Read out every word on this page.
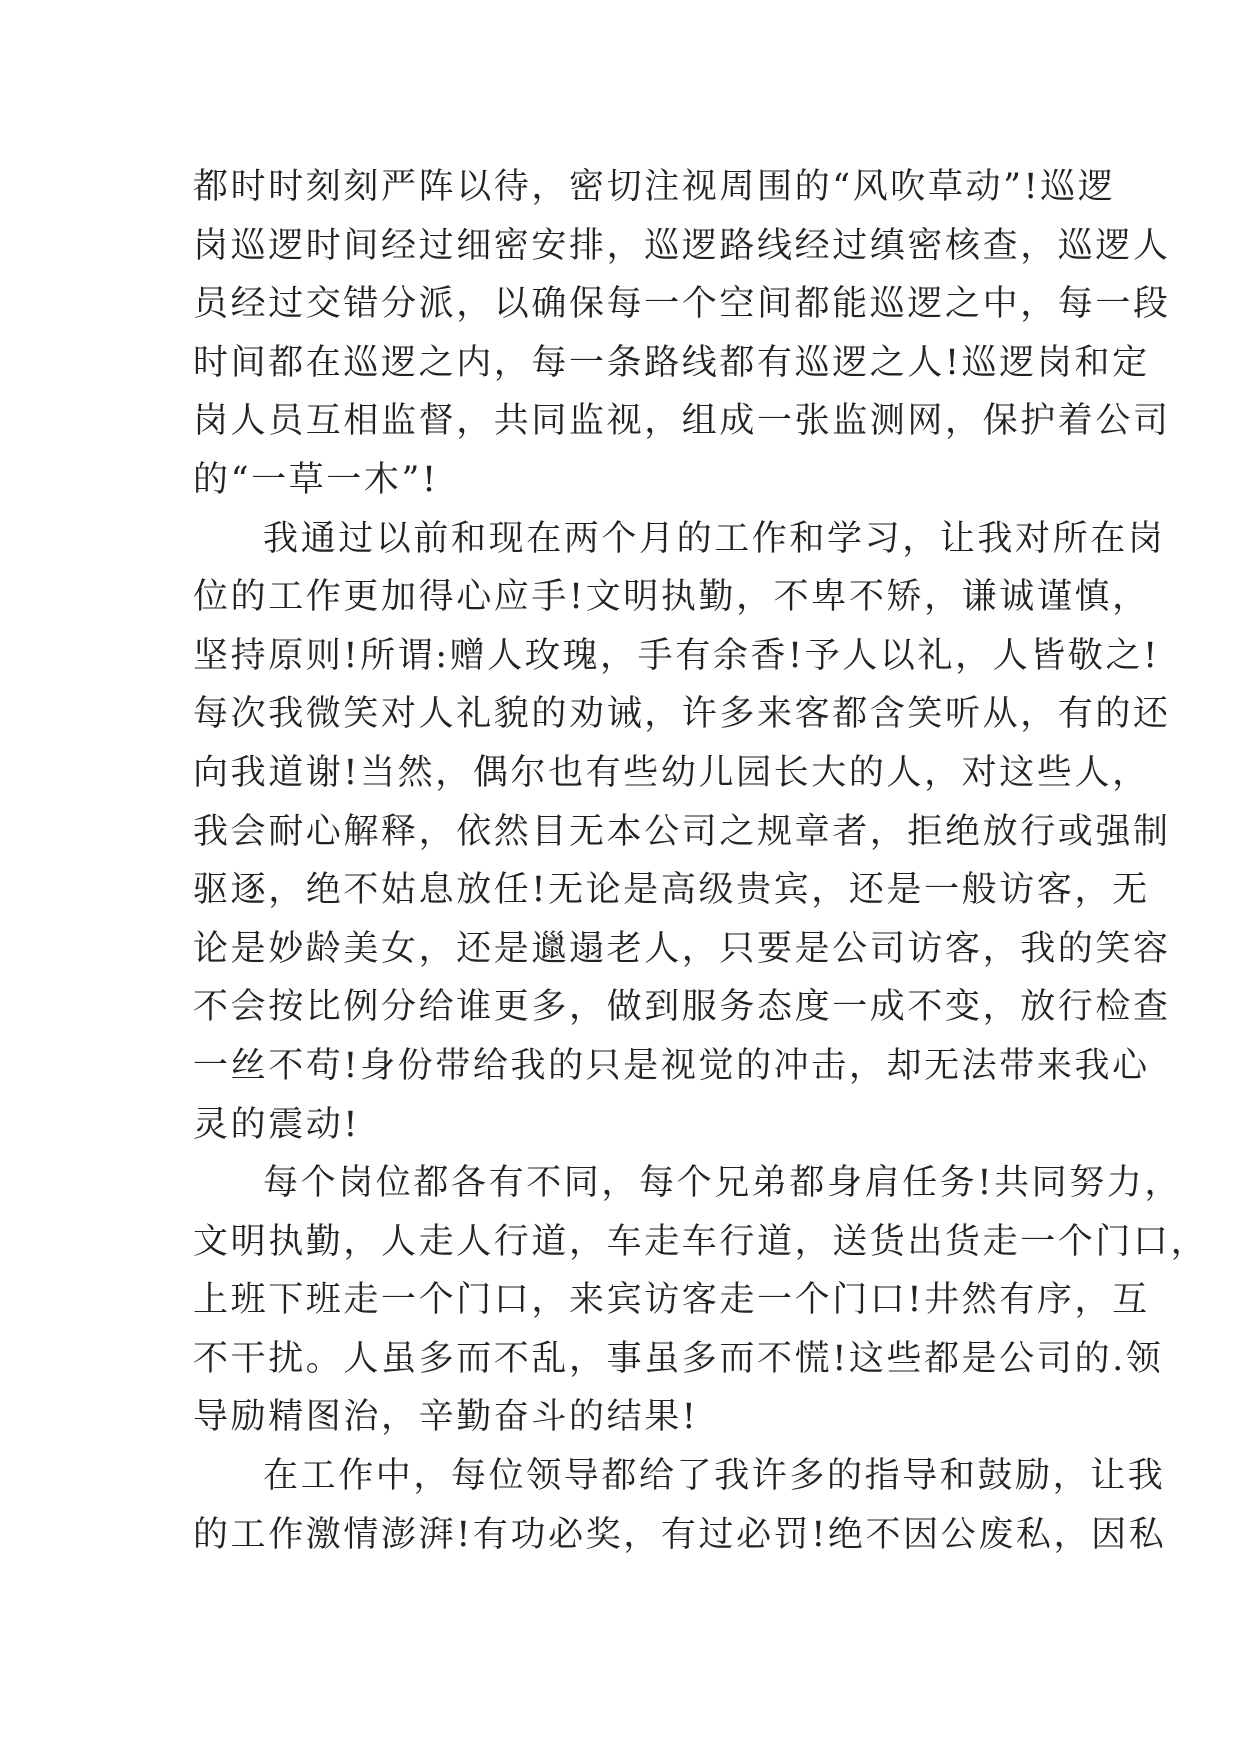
都时时刻刻严阵以待，密切注视周围的“风吹草动”!巡逻
岗巡逻时间经过细密安排，巡逻路线经过缜密核查，巡逻人
员经过交错分派，以确保每一个空间都能巡逻之中，每一段
时间都在巡逻之内，每一条路线都有巡逻之人!巡逻岗和定
岗人员互相监督，共同监视，组成一张监测网，保护着公司
的“一草一木”!
我通过以前和现在两个月的工作和学习，让我对所在岗
位的工作更加得心应手!文明执勤，不卑不矫，谦诚谨慎，
坚持原则!所谓:赠人玫瑰，手有余香!予人以礼，人皆敬之!
每次我微笑对人礼貌的劝诫，许多来客都含笑听从，有的还
向我道谢!当然，偶尔也有些幼儿园长大的人，对这些人，
我会耐心解释，依然目无本公司之规章者，拒绝放行或强制
驱逐，绝不姑息放任!无论是高级贵宾，还是一般访客，无
论是妙龄美女，还是邋遢老人，只要是公司访客，我的笑容
不会按比例分给谁更多，做到服务态度一成不变，放行检查
一丝不苟!身份带给我的只是视觉的冲击，却无法带来我心
灵的震动!
每个岗位都各有不同，每个兄弟都身肩任务!共同努力，
文明执勤，人走人行道，车走车行道，送货出货走一个门口，
上班下班走一个门口，来宾访客走一个门口!井然有序，互
不干扰。人虽多而不乱，事虽多而不慌!这些都是公司的.领
导励精图治，辛勤奋斗的结果!
在工作中，每位领导都给了我许多的指导和鼓励，让我
的工作激情澎湃!有功必奖，有过必罚!绝不因公废私，因私
